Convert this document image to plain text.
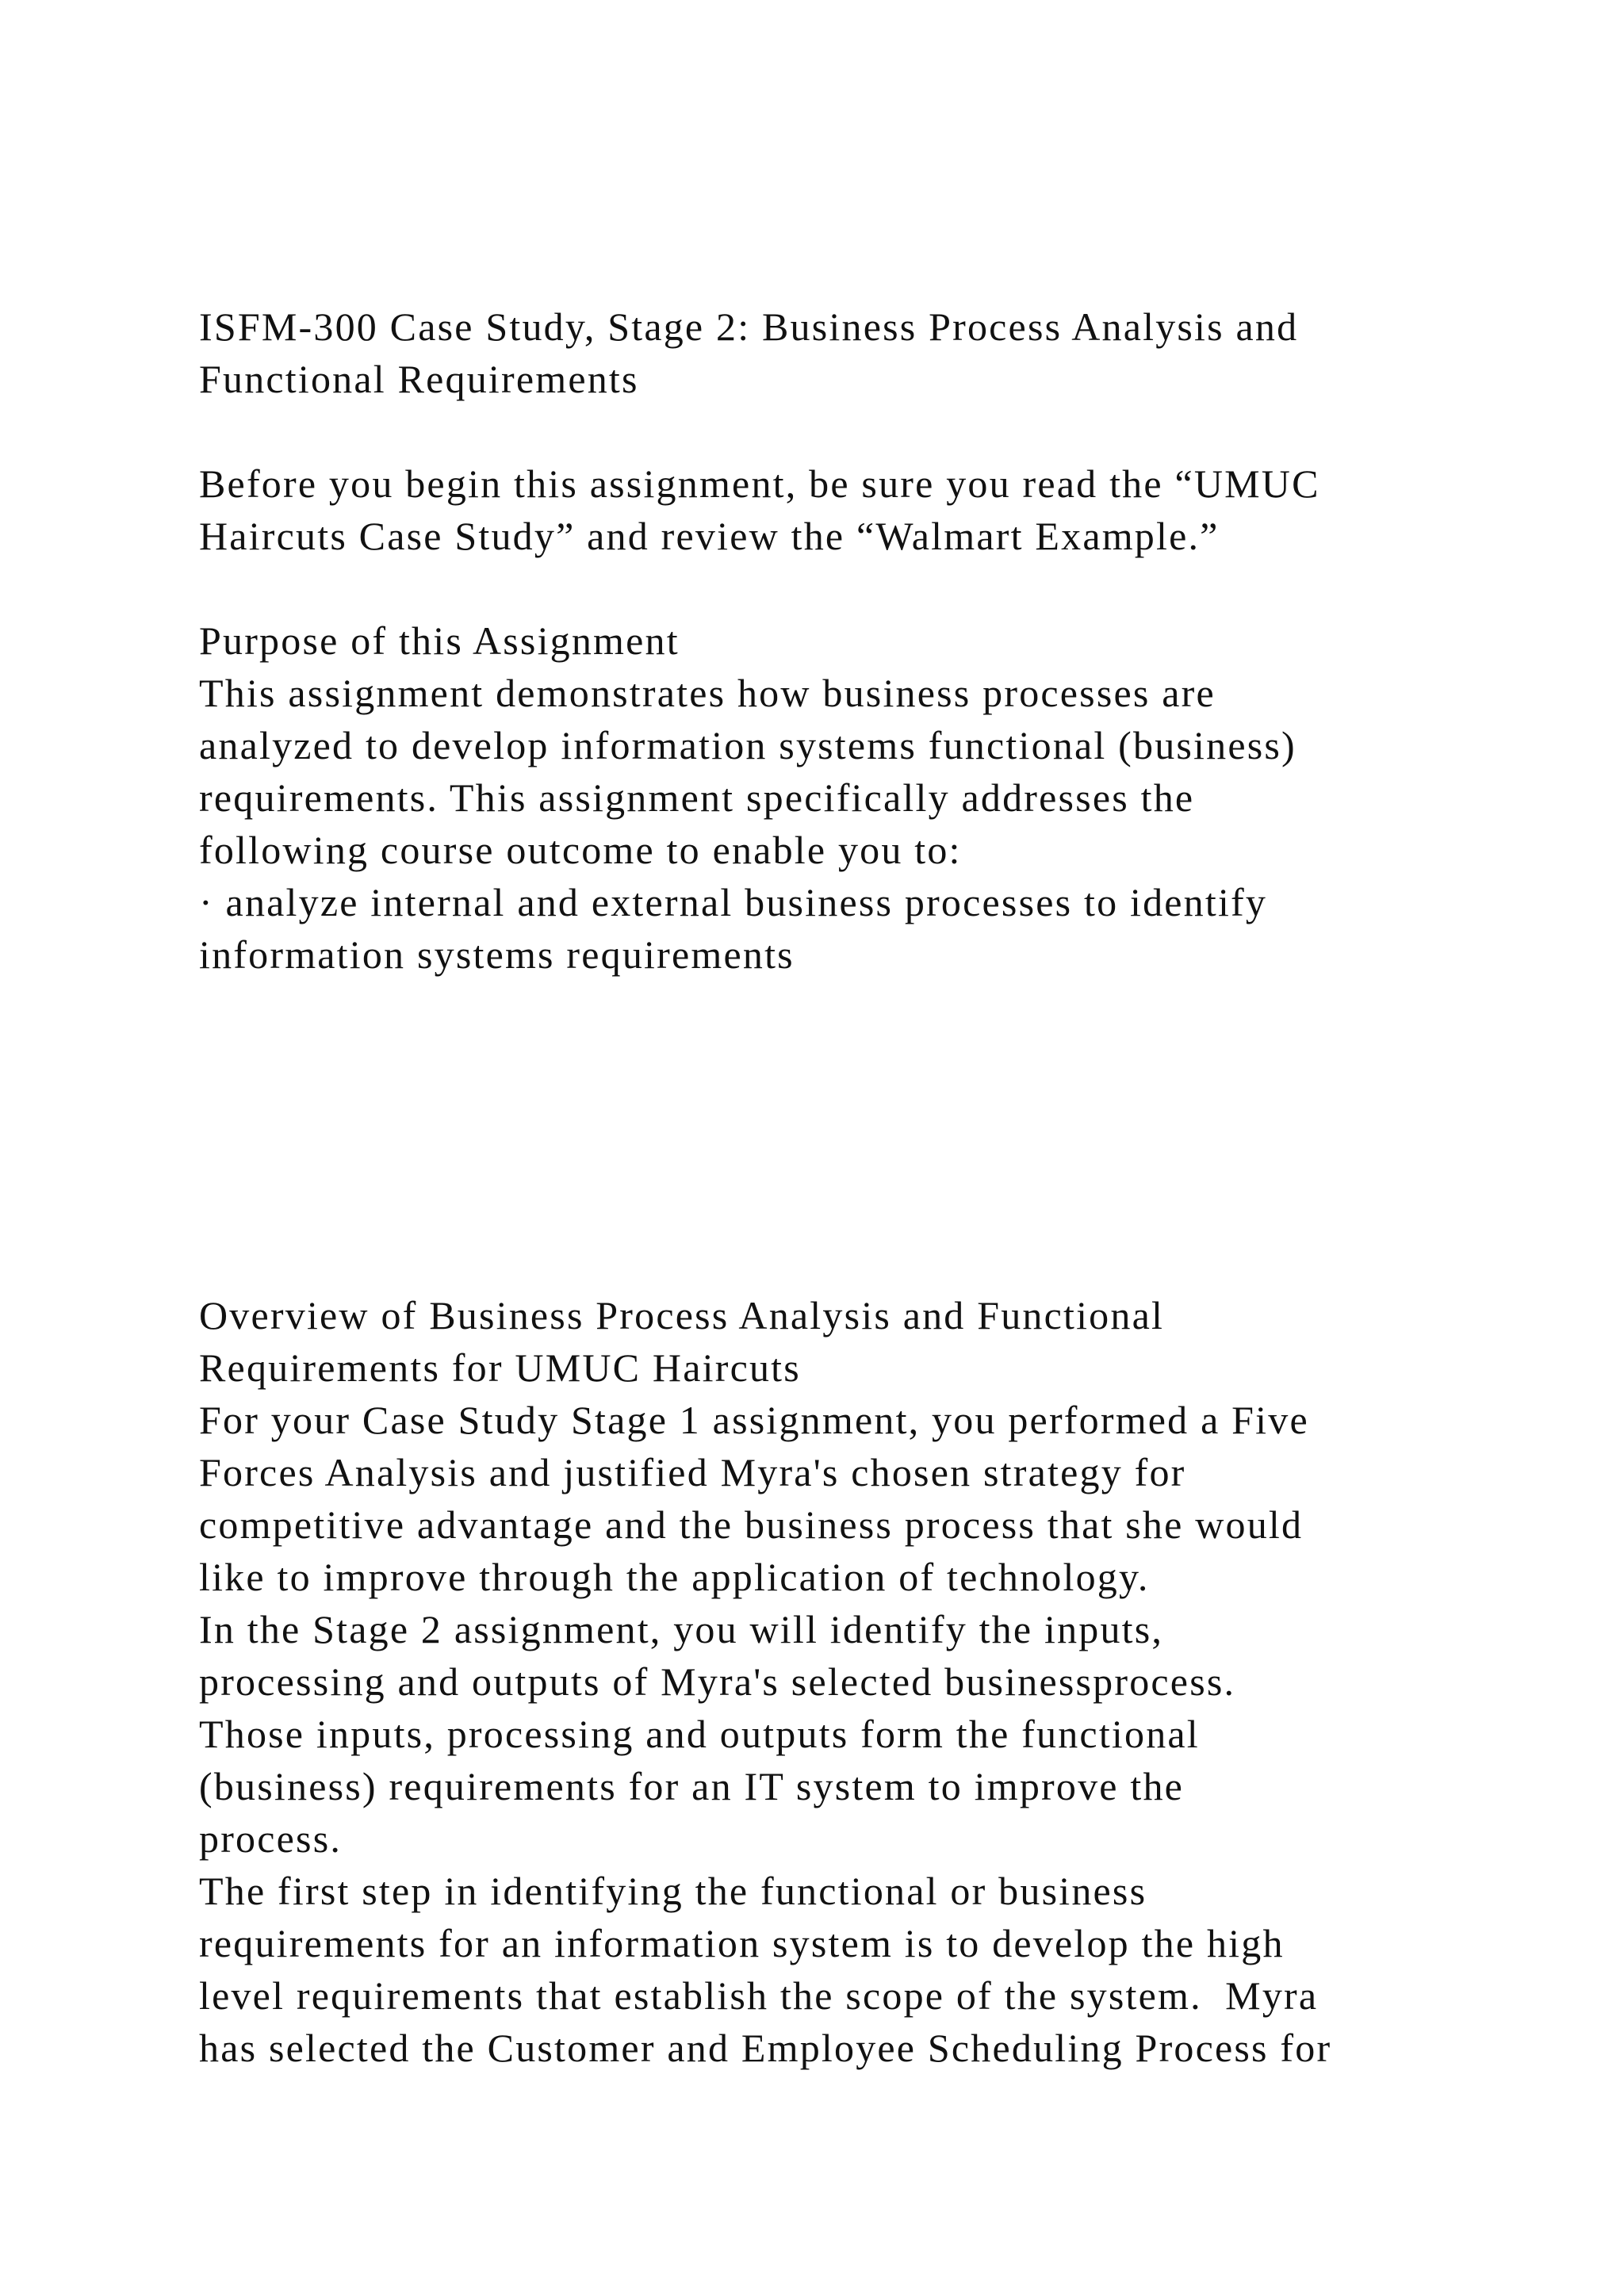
ISFM-300 Case Study, Stage 2: Business Process Analysis and
Functional Requirements
Before you begin this assignment, be sure you read the “UMUC
Haircuts Case Study” and review the “Walmart Example.”
Purpose of this Assignment
This assignment demonstrates how business processes are
analyzed to develop information systems functional (business)
requirements. This assignment specifically addresses the
following course outcome to enable you to:
· analyze internal and external business processes to identify
information systems requirements
Overview of Business Process Analysis and Functional
Requirements for UMUC Haircuts
For your Case Study Stage 1 assignment, you performed a Five
Forces Analysis and justified Myra's chosen strategy for
competitive advantage and the business process that she would
like to improve through the application of technology.
In the Stage 2 assignment, you will identify the inputs,
processing and outputs of Myra's selected businessprocess.
Those inputs, processing and outputs form the functional
(business) requirements for an IT system to improve the
process.
The first step in identifying the functional or business
requirements for an information system is to develop the high
level requirements that establish the scope of the system.  Myra
has selected the Customer and Employee Scheduling Process for
